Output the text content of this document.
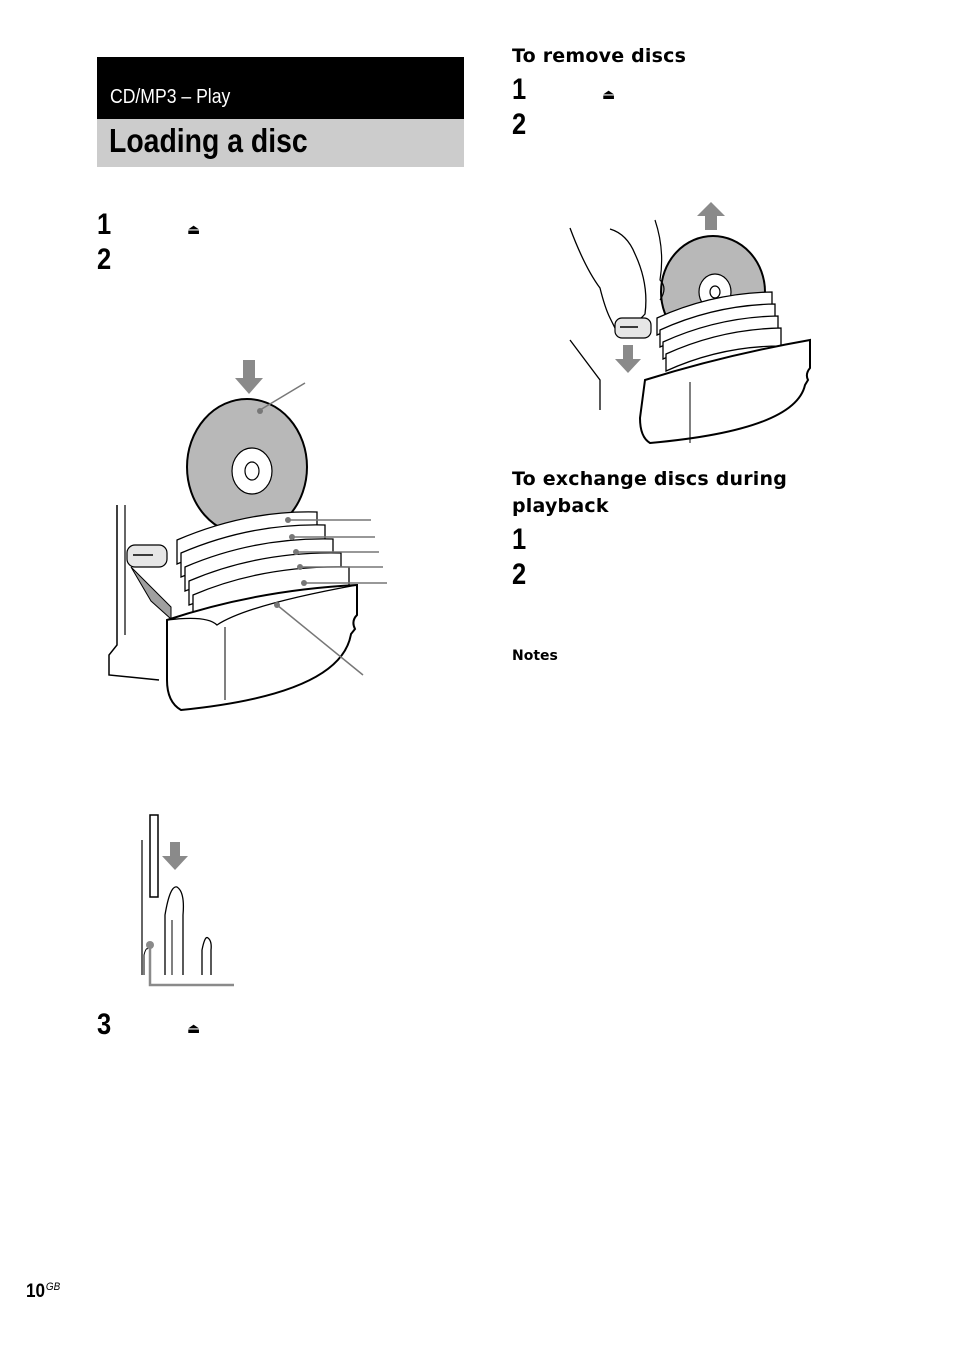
CD/MP3 – Play
Loading a disc
1	⏏
2
3	⏏
To remove discs
1	⏏
2
To exchange discs during
playback
1
2
Notes
$10^{GB}$
